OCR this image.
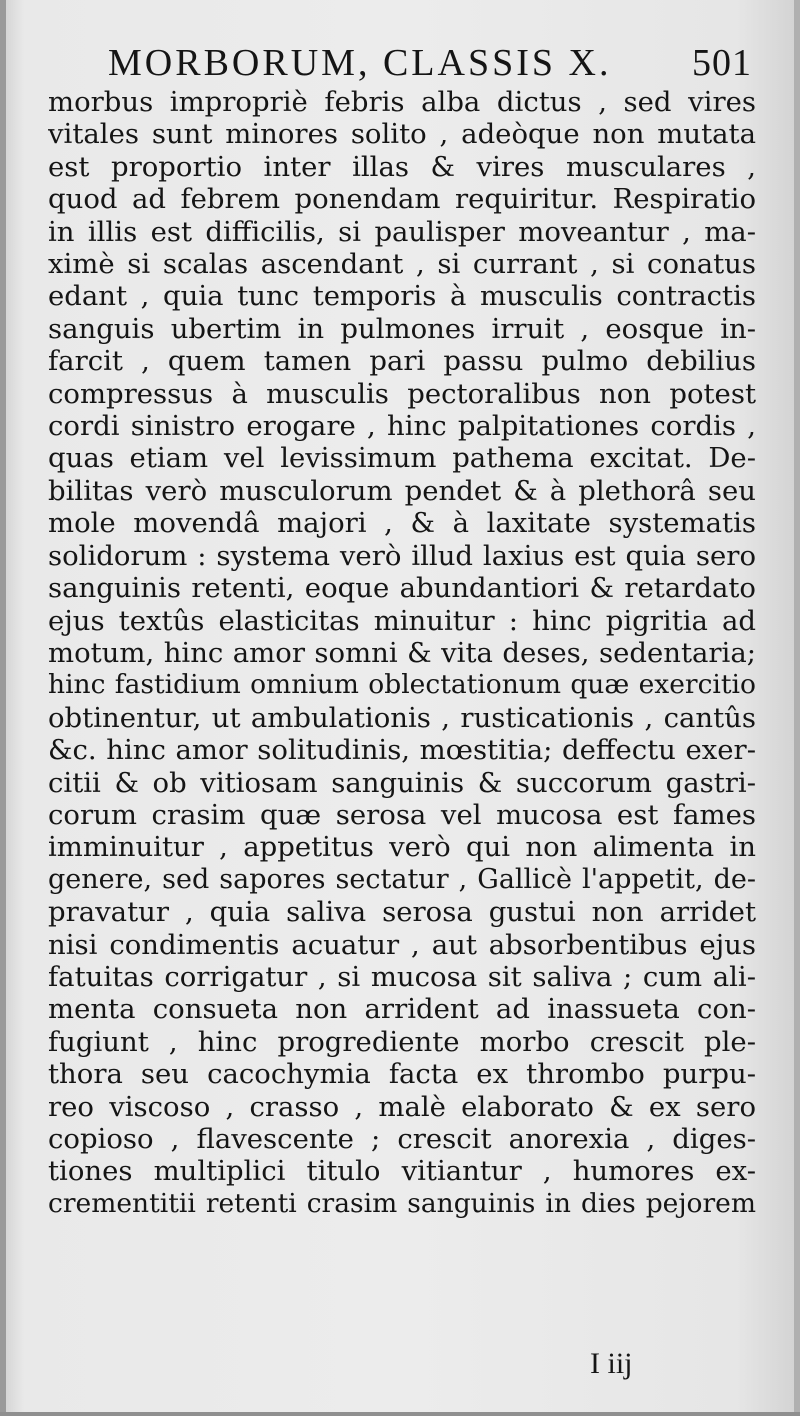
MORBORUM, CLASSIS X. 501
morbus impropriè febris alba dictus , sed vires
vitales sunt minores solito , adeòque non mutata
est proportio inter illas & vires musculares ,
quod ad febrem ponendam requiritur. Respiratio
in illis est difficilis, si paulisper moveantur , ma-
ximè si scalas ascendant , si currant , si conatus
edant , quia tunc temporis à musculis contractis
sanguis ubertim in pulmones irruit , eosque in-
farcit , quem tamen pari passu pulmo debilius
compressus à musculis pectoralibus non potest
cordi sinistro erogare , hinc palpitationes cordis ,
quas etiam vel levissimum pathema excitat. De-
bilitas verò musculorum pendet & à plethorâ seu
mole movendâ majori , & à laxitate systematis
solidorum : systema verò illud laxius est quia sero
sanguinis retenti, eoque abundantiori & retardato
ejus textûs elasticitas minuitur : hinc pigritia ad
motum, hinc amor somni & vita deses, sedentaria;
hinc fastidium omnium oblectationum quæ exercitio
obtinentur, ut ambulationis , rusticationis , cantûs
&c. hinc amor solitudinis, mœstitia; deffectu exer-
citii & ob vitiosam sanguinis & succorum gastri-
corum crasim quæ serosa vel mucosa est fames
imminuitur , appetitus verò qui non alimenta in
genere, sed sapores sectatur , Gallicè l'appetit, de-
pravatur , quia saliva serosa gustui non arridet
nisi condimentis acuatur , aut absorbentibus ejus
fatuitas corrigatur , si mucosa sit saliva ; cum ali-
menta consueta non arrident ad inassueta con-
fugiunt , hinc progrediente morbo crescit ple-
thora seu cacochymia facta ex thrombo purpu-
reo viscoso , crasso , malè elaborato & ex sero
copioso , flavescente ; crescit anorexia , diges-
tiones multiplici titulo vitiantur , humores ex-
crementitii retenti crasim sanguinis in dies pejorem
I iij
